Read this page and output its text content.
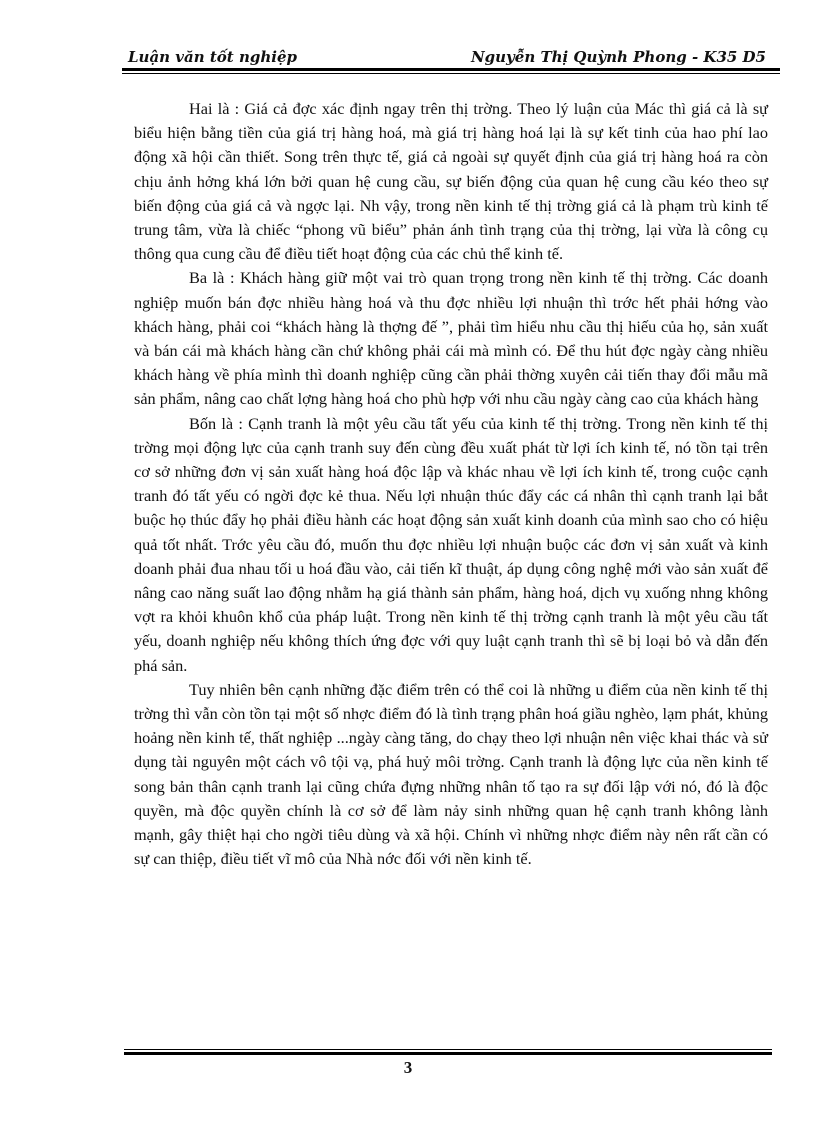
Luận văn tốt nghiệp	Nguyễn Thị Quỳnh Phong - K35 D5

Hai là : Giá cả đợc xác định ngay trên thị trờng. Theo lý luận của Mác thì giá cả là sự biểu hiện bằng tiền của giá trị hàng hoá, mà giá trị hàng hoá lại là sự kết tinh của hao phí lao động xã hội cần thiết. Song trên thực tế, giá cả ngoài sự quyết định của giá trị hàng hoá ra còn chịu ảnh hởng khá lớn bởi quan hệ cung cầu, sự biến động của quan hệ cung cầu kéo theo sự biến động của giá cả và ngợc lại. Nh vậy, trong nền kinh tế thị trờng giá cả là phạm trù kinh tế trung tâm, vừa là chiếc “phong vũ biểu” phản ánh tình trạng của thị trờng, lại vừa là công cụ thông qua cung cầu để điều tiết hoạt động của các chủ thể kinh tế.

Ba là : Khách hàng giữ một vai trò quan trọng trong nền kinh tế thị trờng. Các doanh nghiệp muốn bán đợc nhiều hàng hoá và thu đợc nhiều lợi nhuận thì trớc hết phải hớng vào khách hàng, phải coi “khách hàng là thợng đế ”, phải tìm hiểu nhu cầu thị hiếu của họ, sản xuất và bán cái mà khách hàng cần chứ không phải cái mà mình có. Để thu hút đợc ngày càng nhiều khách hàng về phía mình thì doanh nghiệp cũng cần phải thờng xuyên cải tiến thay đổi mẫu mã sản phẩm, nâng cao chất lợng hàng hoá cho phù hợp với nhu cầu ngày càng cao của khách hàng

Bốn là : Cạnh tranh là một yêu cầu tất yếu của kinh tế thị trờng. Trong nền kinh tế thị trờng mọi động lực của cạnh tranh suy đến cùng đều xuất phát từ lợi ích kinh tế, nó tồn tại trên cơ sở những đơn vị sản xuất hàng hoá độc lập và khác nhau về lợi ích kinh tế, trong cuộc cạnh tranh đó tất yếu có ngời đợc kẻ thua. Nếu lợi nhuận thúc đẩy các cá nhân thì cạnh tranh lại bắt buộc họ thúc đẩy họ phải điều hành các hoạt động sản xuất kinh doanh của mình sao cho có hiệu quả tốt nhất. Trớc yêu cầu đó, muốn thu đợc nhiều lợi nhuận buộc các đơn vị sản xuất và kinh doanh phải đua nhau tối u hoá đầu vào, cải tiến kĩ thuật, áp dụng công nghệ mới vào sản xuất để nâng cao năng suất lao động nhằm hạ giá thành sản phẩm, hàng hoá, dịch vụ xuống nhng không vợt ra khỏi khuôn khổ của pháp luật. Trong nền kinh tế thị trờng cạnh tranh là một yêu cầu tất yếu, doanh nghiệp nếu không thích ứng đợc với quy luật cạnh tranh thì sẽ bị loại bỏ và dẫn đến phá sản.

Tuy nhiên bên cạnh những đặc điểm trên có thể coi là những u điểm của nền kinh tế thị trờng thì vẫn còn tồn tại một số nhợc điểm đó là tình trạng phân hoá giầu nghèo, lạm phát, khủng hoảng nền kinh tế, thất nghiệp ...ngày càng tăng, do chạy theo lợi nhuận nên việc khai thác và sử dụng tài nguyên một cách vô tội vạ, phá huỷ môi trờng. Cạnh tranh là động lực của nền kinh tế song bản thân cạnh tranh lại cũng chứa đựng những nhân tố tạo ra sự đối lập với nó, đó là độc quyền, mà độc quyền chính là cơ sở để làm nảy sinh những quan hệ cạnh tranh không lành mạnh, gây thiệt hại cho ngời tiêu dùng và xã hội. Chính vì những nhợc điểm này nên rất cần có sự can thiệp, điều tiết vĩ mô của Nhà nớc đối với nền kinh tế.

3
